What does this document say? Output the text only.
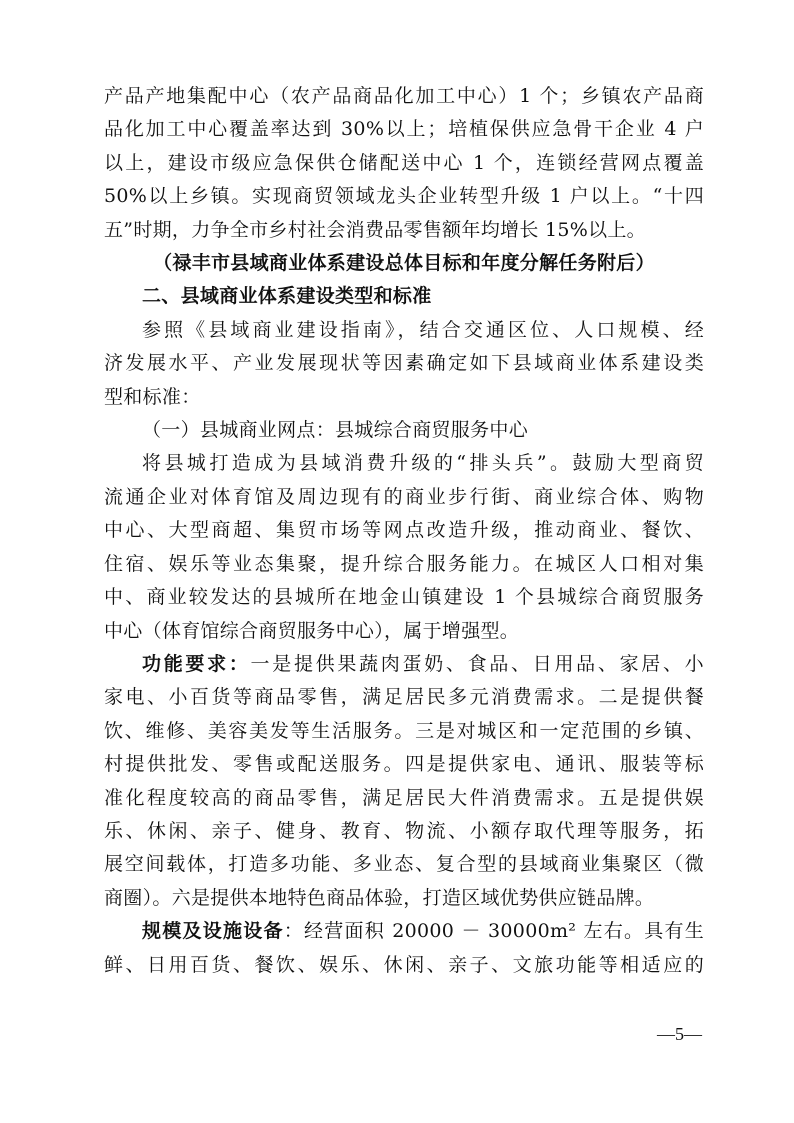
产品产地集配中心（农产品商品化加工中心）1 个；乡镇农产品商
品化加工中心覆盖率达到 30%以上；培植保供应急骨干企业 4 户
以上，建设市级应急保供仓储配送中心 1 个，连锁经营网点覆盖
50%以上乡镇。实现商贸领域龙头企业转型升级 1 户以上。“十四
五”时期，力争全市乡村社会消费品零售额年均增长 15%以上。

（禄丰市县域商业体系建设总体目标和年度分解任务附后）

二、县域商业体系建设类型和标准

参照《县域商业建设指南》，结合交通区位、人口规模、经
济发展水平、产业发展现状等因素确定如下县域商业体系建设类
型和标准：

（一）县城商业网点：县城综合商贸服务中心

将县城打造成为县域消费升级的“排头兵”。鼓励大型商贸
流通企业对体育馆及周边现有的商业步行街、商业综合体、购物
中心、大型商超、集贸市场等网点改造升级，推动商业、餐饮、
住宿、娱乐等业态集聚，提升综合服务能力。在城区人口相对集
中、商业较发达的县城所在地金山镇建设 1 个县城综合商贸服务
中心（体育馆综合商贸服务中心），属于增强型。

功能要求：一是提供果蔬肉蛋奶、食品、日用品、家居、小
家电、小百货等商品零售，满足居民多元消费需求。二是提供餐
饮、维修、美容美发等生活服务。三是对城区和一定范围的乡镇、
村提供批发、零售或配送服务。四是提供家电、通讯、服装等标
准化程度较高的商品零售，满足居民大件消费需求。五是提供娱
乐、休闲、亲子、健身、教育、物流、小额存取代理等服务，拓
展空间载体，打造多功能、多业态、复合型的县域商业集聚区（微
商圈）。六是提供本地特色商品体验，打造区域优势供应链品牌。

规模及设施设备：经营面积 20000 － 30000m² 左右。具有生
鲜、日用百货、餐饮、娱乐、休闲、亲子、文旅功能等相适应的

—5—
